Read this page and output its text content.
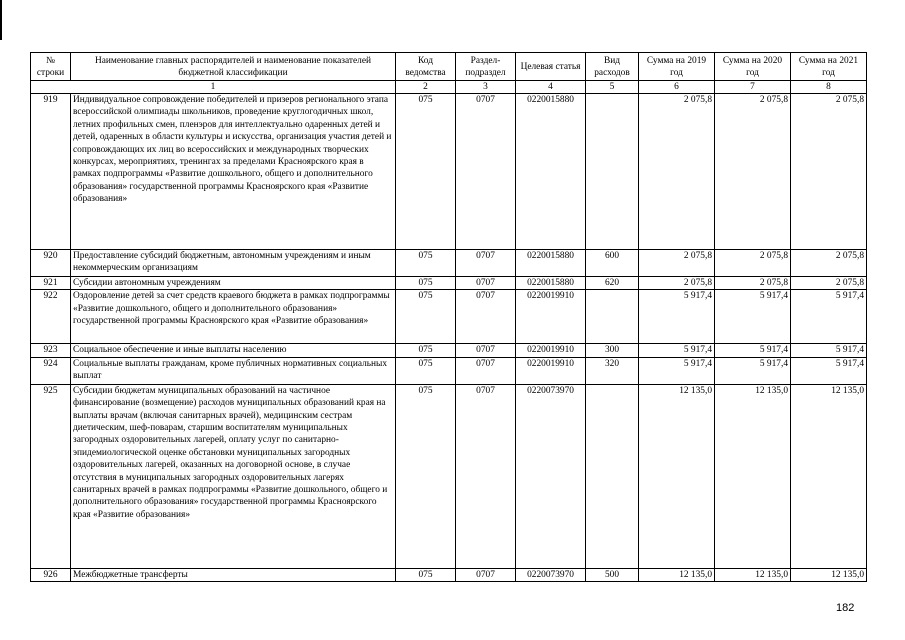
№ строки	Наименование главных распорядителей и наименование показателей бюджетной классификации	Код ведомства	Раздел-подраздел	Целевая статья	Вид расходов	Сумма на 2019 год	Сумма на 2020 год	Сумма на 2021 год
1		2	3	4	5	6	7	8
919	Индивидуальное сопровождение победителей и призеров регионального этапа всероссийской олимпиады школьников, проведение круглогодичных школ, летних профильных смен, пленэров для интеллектуально одаренных детей и детей, одаренных в области культуры и искусства, организация участия детей и сопровождающих их лиц во всероссийских и международных творческих конкурсах, мероприятиях, тренингах за пределами Красноярского края в рамках подпрограммы «Развитие дошкольного, общего и дополнительного образования» государственной программы Красноярского края «Развитие образования»	075	0707	0220015880		2 075,8	2 075,8	2 075,8
920	Предоставление субсидий бюджетным, автономным учреждениям и иным некоммерческим организациям	075	0707	0220015880	600	2 075,8	2 075,8	2 075,8
921	Субсидии автономным учреждениям	075	0707	0220015880	620	2 075,8	2 075,8	2 075,8
922	Оздоровление детей за счет средств краевого бюджета в рамках подпрограммы «Развитие дошкольного, общего и дополнительного образования» государственной программы Красноярского края «Развитие образования»	075	0707	0220019910		5 917,4	5 917,4	5 917,4
923	Социальное обеспечение и иные выплаты населению	075	0707	0220019910	300	5 917,4	5 917,4	5 917,4
924	Социальные выплаты гражданам, кроме публичных нормативных социальных выплат	075	0707	0220019910	320	5 917,4	5 917,4	5 917,4
925	Субсидии бюджетам муниципальных образований на частичное финансирование (возмещение) расходов муниципальных образований края на выплаты врачам (включая санитарных врачей), медицинским сестрам диетическим, шеф-поварам, старшим воспитателям муниципальных загородных оздоровительных лагерей, оплату услуг по санитарно-эпидемиологической оценке обстановки муниципальных загородных оздоровительных лагерей, оказанных на договорной основе, в случае отсутствия в муниципальных загородных оздоровительных лагерях санитарных врачей в рамках подпрограммы «Развитие дошкольного, общего и дополнительного образования» государственной программы Красноярского края «Развитие образования»	075	0707	0220073970		12 135,0	12 135,0	12 135,0
926	Межбюджетные трансферты	075	0707	0220073970	500	12 135,0	12 135,0	12 135,0
182
